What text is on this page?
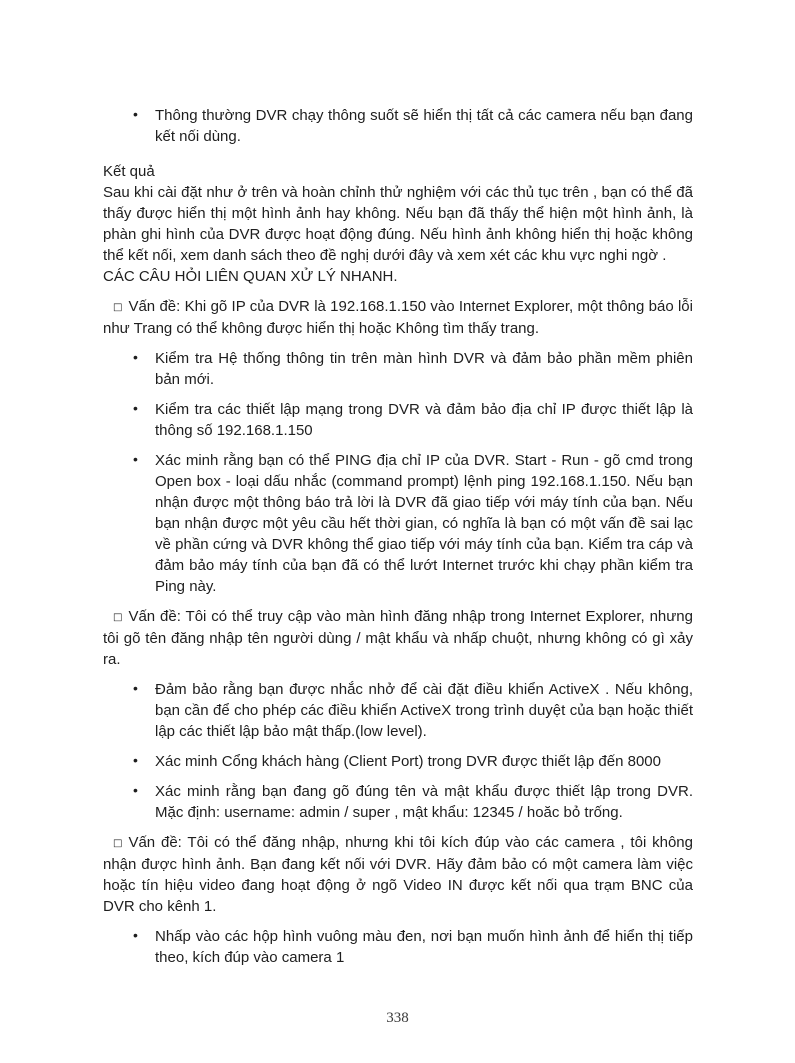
• Thông thường DVR chạy thông suốt sẽ hiển thị tất cả các camera nếu bạn đang kết nối dùng.

Kết quả

Sau khi cài đặt như ở trên và hoàn chỉnh thử nghiệm với các thủ tục trên , bạn có thể đã thấy được hiển thị một hình ảnh hay không. Nếu bạn đã thấy thể hiện một hình ảnh, là phàn ghi hình của DVR được hoạt động đúng. Nếu hình ảnh không hiển thị hoặc không thể kết nối, xem danh sách theo đề nghị dưới đây và xem xét các khu vực nghi ngờ .

CÁC CÂU HỎI LIÊN QUAN XỬ LÝ NHANH.

□ Vấn đề: Khi gõ IP của DVR là 192.168.1.150 vào Internet Explorer, một thông báo lỗi như Trang có thể không được hiển thị hoặc Không tìm thấy trang.

• Kiểm tra Hệ thống thông tin trên màn hình DVR và đảm bảo phần mềm phiên bản mới.
• Kiểm tra các thiết lập mạng trong DVR và đảm bảo địa chỉ IP được thiết lập là thông số 192.168.1.150
• Xác minh rằng bạn có thể PING địa chỉ IP của DVR. Start - Run - gõ cmd trong Open box - loại dấu nhắc (command prompt) lệnh ping 192.168.1.150. Nếu bạn nhận được một thông báo trả lời là DVR đã giao tiếp với máy tính của bạn. Nếu bạn nhận được một yêu cầu hết thời gian, có nghĩa là bạn có một vấn đề sai lạc về phần cứng và DVR không thể giao tiếp với máy tính của bạn. Kiểm tra cáp và đảm bảo máy tính của bạn đã có thể lướt Internet trước khi chạy phần kiểm tra Ping này.

□ Vấn đề: Tôi có thể truy cập vào màn hình đăng nhập trong Internet Explorer, nhưng tôi gõ tên đăng nhập tên người dùng / mật khẩu và nhấp chuột, nhưng không có gì xảy ra.

• Đảm bảo rằng bạn được nhắc nhở để cài đặt điều khiển ActiveX . Nếu không, bạn cần để cho phép các điều khiển ActiveX trong trình duyệt của bạn hoặc thiết lập các thiết lập bảo mật thấp.(low level).
• Xác minh Cổng khách hàng (Client Port) trong DVR được thiết lập đến 8000
• Xác minh rằng bạn đang gõ đúng tên và mật khẩu được thiết lập trong DVR. Mặc định: username: admin / super , mật khẩu: 12345 / hoăc bỏ trống.

□ Vấn đề: Tôi có thể đăng nhập, nhưng khi tôi kích đúp vào các camera , tôi không nhận được hình ảnh. Bạn đang kết nối với DVR. Hãy đảm bảo có một camera làm việc hoặc tín hiệu video đang hoạt động ở ngõ Video IN được kết nối qua trạm BNC của DVR cho kênh 1.

• Nhấp vào các hộp hình vuông màu đen, nơi bạn muốn hình ảnh để hiển thị tiếp theo, kích đúp vào camera 1
338
